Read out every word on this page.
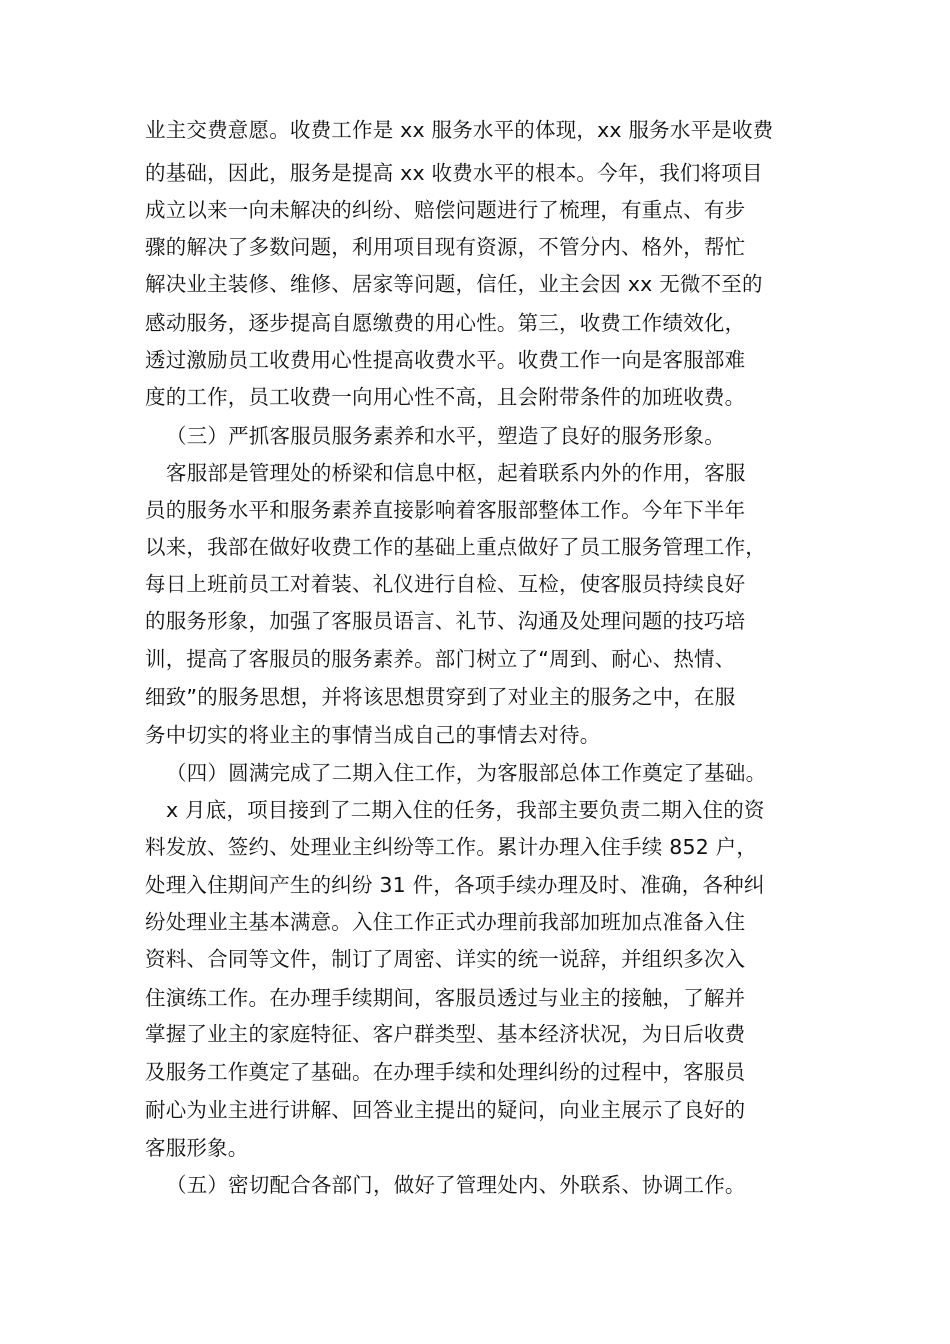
业主交费意愿。收费工作是 xx 服务水平的体现，xx 服务水平是收费
的基础，因此，服务是提高 xx 收费水平的根本。今年，我们将项目
成立以来一向未解决的纠纷、赔偿问题进行了梳理，有重点、有步
骤的解决了多数问题，利用项目现有资源，不管分内、格外，帮忙
解决业主装修、维修、居家等问题，信任，业主会因 xx 无微不至的
感动服务，逐步提高自愿缴费的用心性。第三，收费工作绩效化，
透过激励员工收费用心性提高收费水平。收费工作一向是客服部难
度的工作，员工收费一向用心性不高，且会附带条件的加班收费。
（三）严抓客服员服务素养和水平，塑造了良好的服务形象。
客服部是管理处的桥梁和信息中枢，起着联系内外的作用，客服
员的服务水平和服务素养直接影响着客服部整体工作。今年下半年
以来，我部在做好收费工作的基础上重点做好了员工服务管理工作，
每日上班前员工对着装、礼仪进行自检、互检，使客服员持续良好
的服务形象，加强了客服员语言、礼节、沟通及处理问题的技巧培
训，提高了客服员的服务素养。部门树立了“周到、耐心、热情、
细致”的服务思想，并将该思想贯穿到了对业主的服务之中，在服
务中切实的将业主的事情当成自己的事情去对待。
（四）圆满完成了二期入住工作，为客服部总体工作奠定了基础。
x 月底，项目接到了二期入住的任务，我部主要负责二期入住的资
料发放、签约、处理业主纠纷等工作。累计办理入住手续 852 户，
处理入住期间产生的纠纷 31 件，各项手续办理及时、准确，各种纠
纷处理业主基本满意。入住工作正式办理前我部加班加点准备入住
资料、合同等文件，制订了周密、详实的统一说辞，并组织多次入
住演练工作。在办理手续期间，客服员透过与业主的接触，了解并
掌握了业主的家庭特征、客户群类型、基本经济状况，为日后收费
及服务工作奠定了基础。在办理手续和处理纠纷的过程中，客服员
耐心为业主进行讲解、回答业主提出的疑问，向业主展示了良好的
客服形象。
（五）密切配合各部门，做好了管理处内、外联系、协调工作。
